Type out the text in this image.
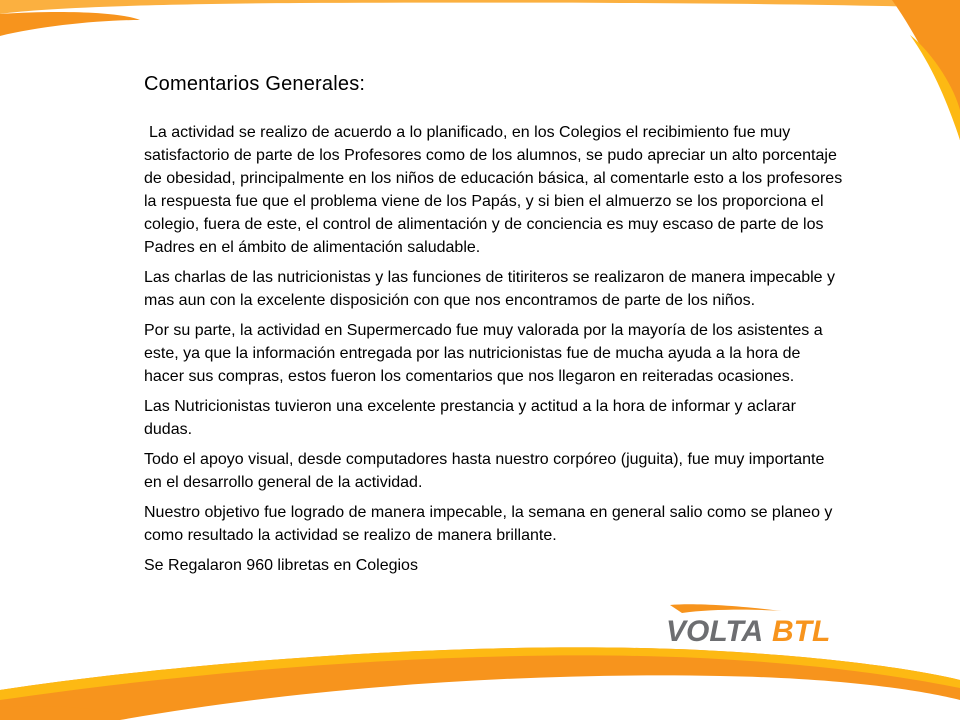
Comentarios Generales:

La actividad se realizo de acuerdo a lo planificado, en los Colegios el recibimiento fue muy satisfactorio de parte de los Profesores como de los alumnos, se pudo apreciar un alto porcentaje de obesidad, principalmente en los niños de educación básica, al comentarle esto a los profesores la respuesta fue que el problema viene de los Papás, y si bien el almuerzo se los proporciona el colegio, fuera de este, el control de alimentación y de conciencia es muy escaso de parte de los Padres en el ámbito de alimentación saludable.

Las charlas de las nutricionistas y las funciones de titiriteros se realizaron de manera impecable y mas aun con la excelente disposición con que nos encontramos de parte de los niños.

Por su parte, la actividad en Supermercado fue muy valorada por la mayoría de los asistentes a este, ya que la información entregada por las nutricionistas fue de mucha ayuda a la hora de hacer sus compras, estos fueron los comentarios que nos llegaron en reiteradas ocasiones.

Las Nutricionistas tuvieron una excelente prestancia y actitud a la hora de informar y aclarar dudas.

Todo el apoyo visual, desde computadores hasta nuestro corpóreo (juguita), fue muy importante en el desarrollo general de la actividad.

Nuestro objetivo fue logrado de manera impecable, la semana en general salio como se planeo y como resultado la actividad se realizo de manera brillante.

Se Regalaron 960 libretas en Colegios

VOLTA BTL
